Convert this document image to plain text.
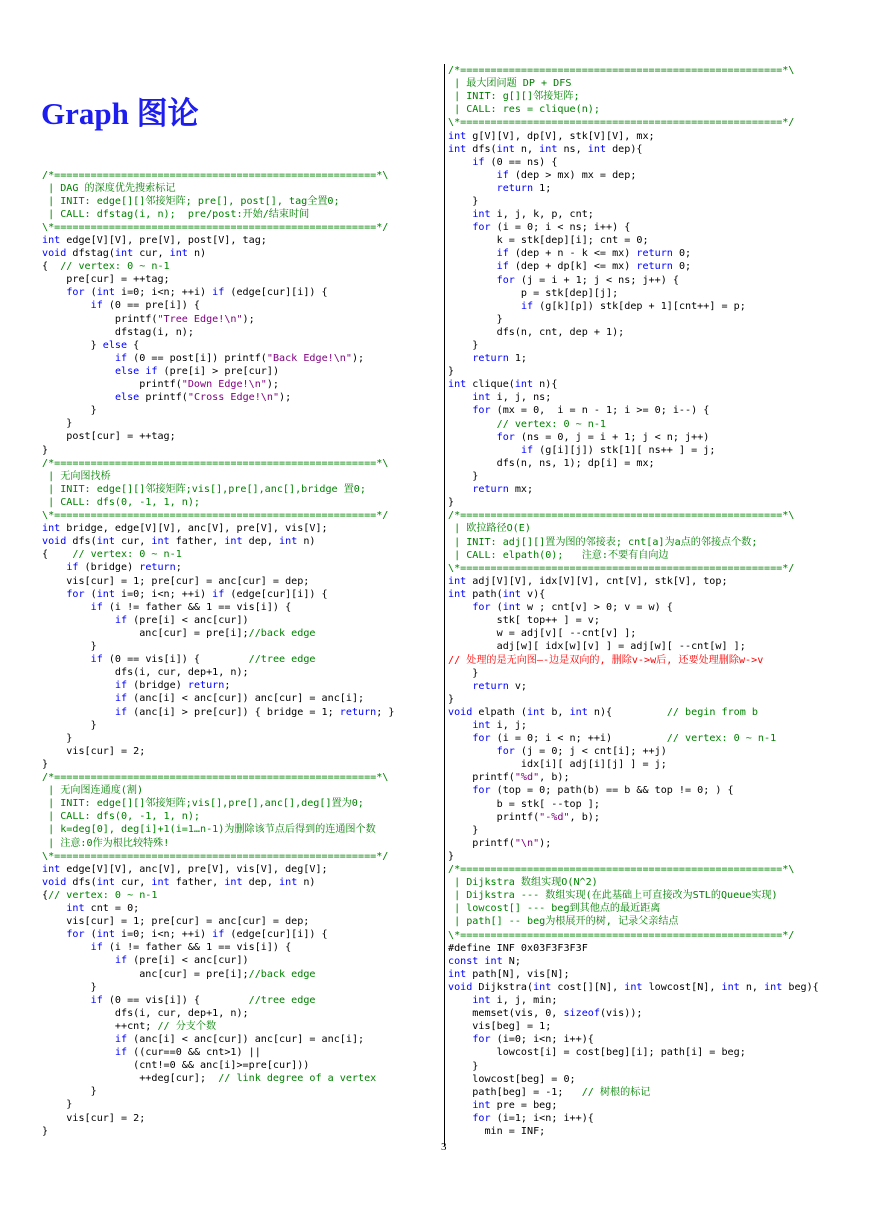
Graph 图论
/*=====================================================*\
| DAG 的深度优先搜索标记
| INIT: edge[][]邻接矩阵; pre[], post[], tag全置0;
| CALL: dfstag(i, n);  pre/post:开始/结束时间
\*=====================================================*/
int edge[V][V], pre[V], post[V], tag;
void dfstag(int cur, int n)
{  // vertex: 0 ~ n-1
pre[cur] = ++tag;
for (int i=0; i<n; ++i) if (edge[cur][i]) {
if (0 == pre[i]) {
printf("Tree Edge!\n");
dfstag(i, n);
} else {
if (0 == post[i]) printf("Back Edge!\n");
else if (pre[i] > pre[cur])
printf("Down Edge!\n");
else printf("Cross Edge!\n");
}
}
post[cur] = ++tag;
}
/*=====================================================*\
| 无向图找桥
| INIT: edge[][]邻接矩阵;vis[],pre[],anc[],bridge 置0;
| CALL: dfs(0, -1, 1, n);
\*=====================================================*/
int bridge, edge[V][V], anc[V], pre[V], vis[V];
void dfs(int cur, int father, int dep, int n)
{    // vertex: 0 ~ n-1
if (bridge) return;
vis[cur] = 1; pre[cur] = anc[cur] = dep;
for (int i=0; i<n; ++i) if (edge[cur][i]) {
if (i != father && 1 == vis[i]) {
if (pre[i] < anc[cur])
anc[cur] = pre[i];//back edge
}
if (0 == vis[i]) {        //tree edge
dfs(i, cur, dep+1, n);
if (bridge) return;
if (anc[i] < anc[cur]) anc[cur] = anc[i];
if (anc[i] > pre[cur]) { bridge = 1; return; }
}
}
vis[cur] = 2;
}
/*=====================================================*\
| 无向图连通度(割)
| INIT: edge[][]邻接矩阵;vis[],pre[],anc[],deg[]置为0;
| CALL: dfs(0, -1, 1, n);
| k=deg[0], deg[i]+1(i=1…n-1)为删除该节点后得到的连通图个数
| 注意:0作为根比较特殊!
\*=====================================================*/
int edge[V][V], anc[V], pre[V], vis[V], deg[V];
void dfs(int cur, int father, int dep, int n)
{// vertex: 0 ~ n-1
int cnt = 0;
vis[cur] = 1; pre[cur] = anc[cur] = dep;
for (int i=0; i<n; ++i) if (edge[cur][i]) {
if (i != father && 1 == vis[i]) {
if (pre[i] < anc[cur])
anc[cur] = pre[i];//back edge
}
if (0 == vis[i]) {        //tree edge
dfs(i, cur, dep+1, n);
++cnt; // 分支个数
if (anc[i] < anc[cur]) anc[cur] = anc[i];
if ((cur==0 && cnt>1) ||
(cnt!=0 && anc[i]>=pre[cur]))
++deg[cur];  // link degree of a vertex
}
}
vis[cur] = 2;
}
/*=====================================================*\
| 最大团问题 DP + DFS
| INIT: g[][]邻接矩阵;
| CALL: res = clique(n);
\*=====================================================*/
int g[V][V], dp[V], stk[V][V], mx;
int dfs(int n, int ns, int dep){
if (0 == ns) {
if (dep > mx) mx = dep;
return 1;
}
int i, j, k, p, cnt;
for (i = 0; i < ns; i++) {
k = stk[dep][i]; cnt = 0;
if (dep + n - k <= mx) return 0;
if (dep + dp[k] <= mx) return 0;
for (j = i + 1; j < ns; j++) {
p = stk[dep][j];
if (g[k][p]) stk[dep + 1][cnt++] = p;
}
dfs(n, cnt, dep + 1);
}
return 1;
}
int clique(int n){
int i, j, ns;
for (mx = 0,  i = n - 1; i >= 0; i--) {
// vertex: 0 ~ n-1
for (ns = 0, j = i + 1; j < n; j++)
if (g[i][j]) stk[1][ ns++ ] = j;
dfs(n, ns, 1); dp[i] = mx;
}
return mx;
}
/*=====================================================*\
| 欧拉路径O(E)
| INIT: adj[][]置为图的邻接表; cnt[a]为a点的邻接点个数;
| CALL: elpath(0);   注意:不要有自向边
\*=====================================================*/
int adj[V][V], idx[V][V], cnt[V], stk[V], top;
int path(int v){
for (int w ; cnt[v] > 0; v = w) {
stk[ top++ ] = v;
w = adj[v][ --cnt[v] ];
adj[w][ idx[w][v] ] = adj[w][ --cnt[w] ];
// 处理的是无向图—-边是双向的, 删除v->w后, 还要处理删除w->v
}
return v;
}
void elpath (int b, int n){         // begin from b
int i, j;
for (i = 0; i < n; ++i)         // vertex: 0 ~ n-1
for (j = 0; j < cnt[i]; ++j)
idx[i][ adj[i][j] ] = j;
printf("%d", b);
for (top = 0; path(b) == b && top != 0; ) {
b = stk[ --top ];
printf("-%d", b);
}
printf("\n");
}
/*=====================================================*\
| Dijkstra 数组实现O(N^2)
| Dijkstra --- 数组实现(在此基础上可直接改为STL的Queue实现)
| lowcost[] --- beg到其他点的最近距离
| path[] -- beg为根展开的树, 记录父亲结点
\*=====================================================*/
#define INF 0x03F3F3F3F
const int N;
int path[N], vis[N];
void Dijkstra(int cost[][N], int lowcost[N], int n, int beg){
int i, j, min;
memset(vis, 0, sizeof(vis));
vis[beg] = 1;
for (i=0; i<n; i++){
lowcost[i] = cost[beg][i]; path[i] = beg;
}
lowcost[beg] = 0;
path[beg] = -1;   // 树根的标记
int pre = beg;
for (i=1; i<n; i++){
min = INF;
3
